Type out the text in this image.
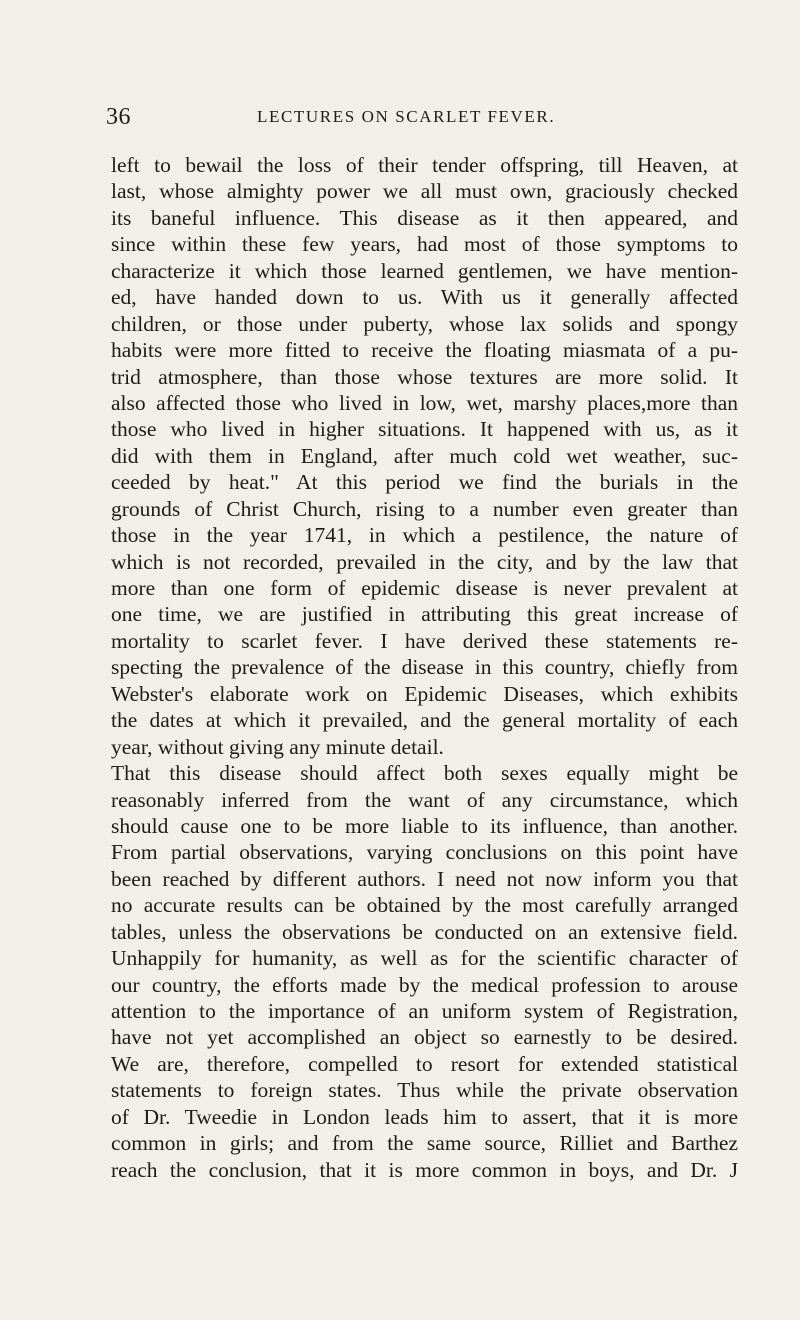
36	LECTURES ON SCARLET FEVER.
left to bewail the loss of their tender offspring, till Heaven, at
last, whose almighty power we all must own, graciously checked
its baneful influence. This disease as it then appeared, and
since within these few years, had most of those symptoms to
characterize it which those learned gentlemen, we have mention-
ed, have handed down to us. With us it generally affected
children, or those under puberty, whose lax solids and spongy
habits were more fitted to receive the floating miasmata of a pu-
trid atmosphere, than those whose textures are more solid. It
also affected those who lived in low, wet, marshy places,more than
those who lived in higher situations. It happened with us, as it
did with them in England, after much cold wet weather, suc-
ceeded by heat." At this period we find the burials in the
grounds of Christ Church, rising to a number even greater than
those in the year 1741, in which a pestilence, the nature of
which is not recorded, prevailed in the city, and by the law that
more than one form of epidemic disease is never prevalent at
one time, we are justified in attributing this great increase of
mortality to scarlet fever. I have derived these statements re-
specting the prevalence of the disease in this country, chiefly from
Webster's elaborate work on Epidemic Diseases, which exhibits
the dates at which it prevailed, and the general mortality of each
year, without giving any minute detail.
That this disease should affect both sexes equally might be
reasonably inferred from the want of any circumstance, which
should cause one to be more liable to its influence, than another.
From partial observations, varying conclusions on this point have
been reached by different authors. I need not now inform you that
no accurate results can be obtained by the most carefully arranged
tables, unless the observations be conducted on an extensive field.
Unhappily for humanity, as well as for the scientific character of
our country, the efforts made by the medical profession to arouse
attention to the importance of an uniform system of Registration,
have not yet accomplished an object so earnestly to be desired.
We are, therefore, compelled to resort for extended statistical
statements to foreign states. Thus while the private observation
of Dr. Tweedie in London leads him to assert, that it is more
common in girls; and from the same source, Rilliet and Barthez
reach the conclusion, that it is more common in boys, and Dr. J
